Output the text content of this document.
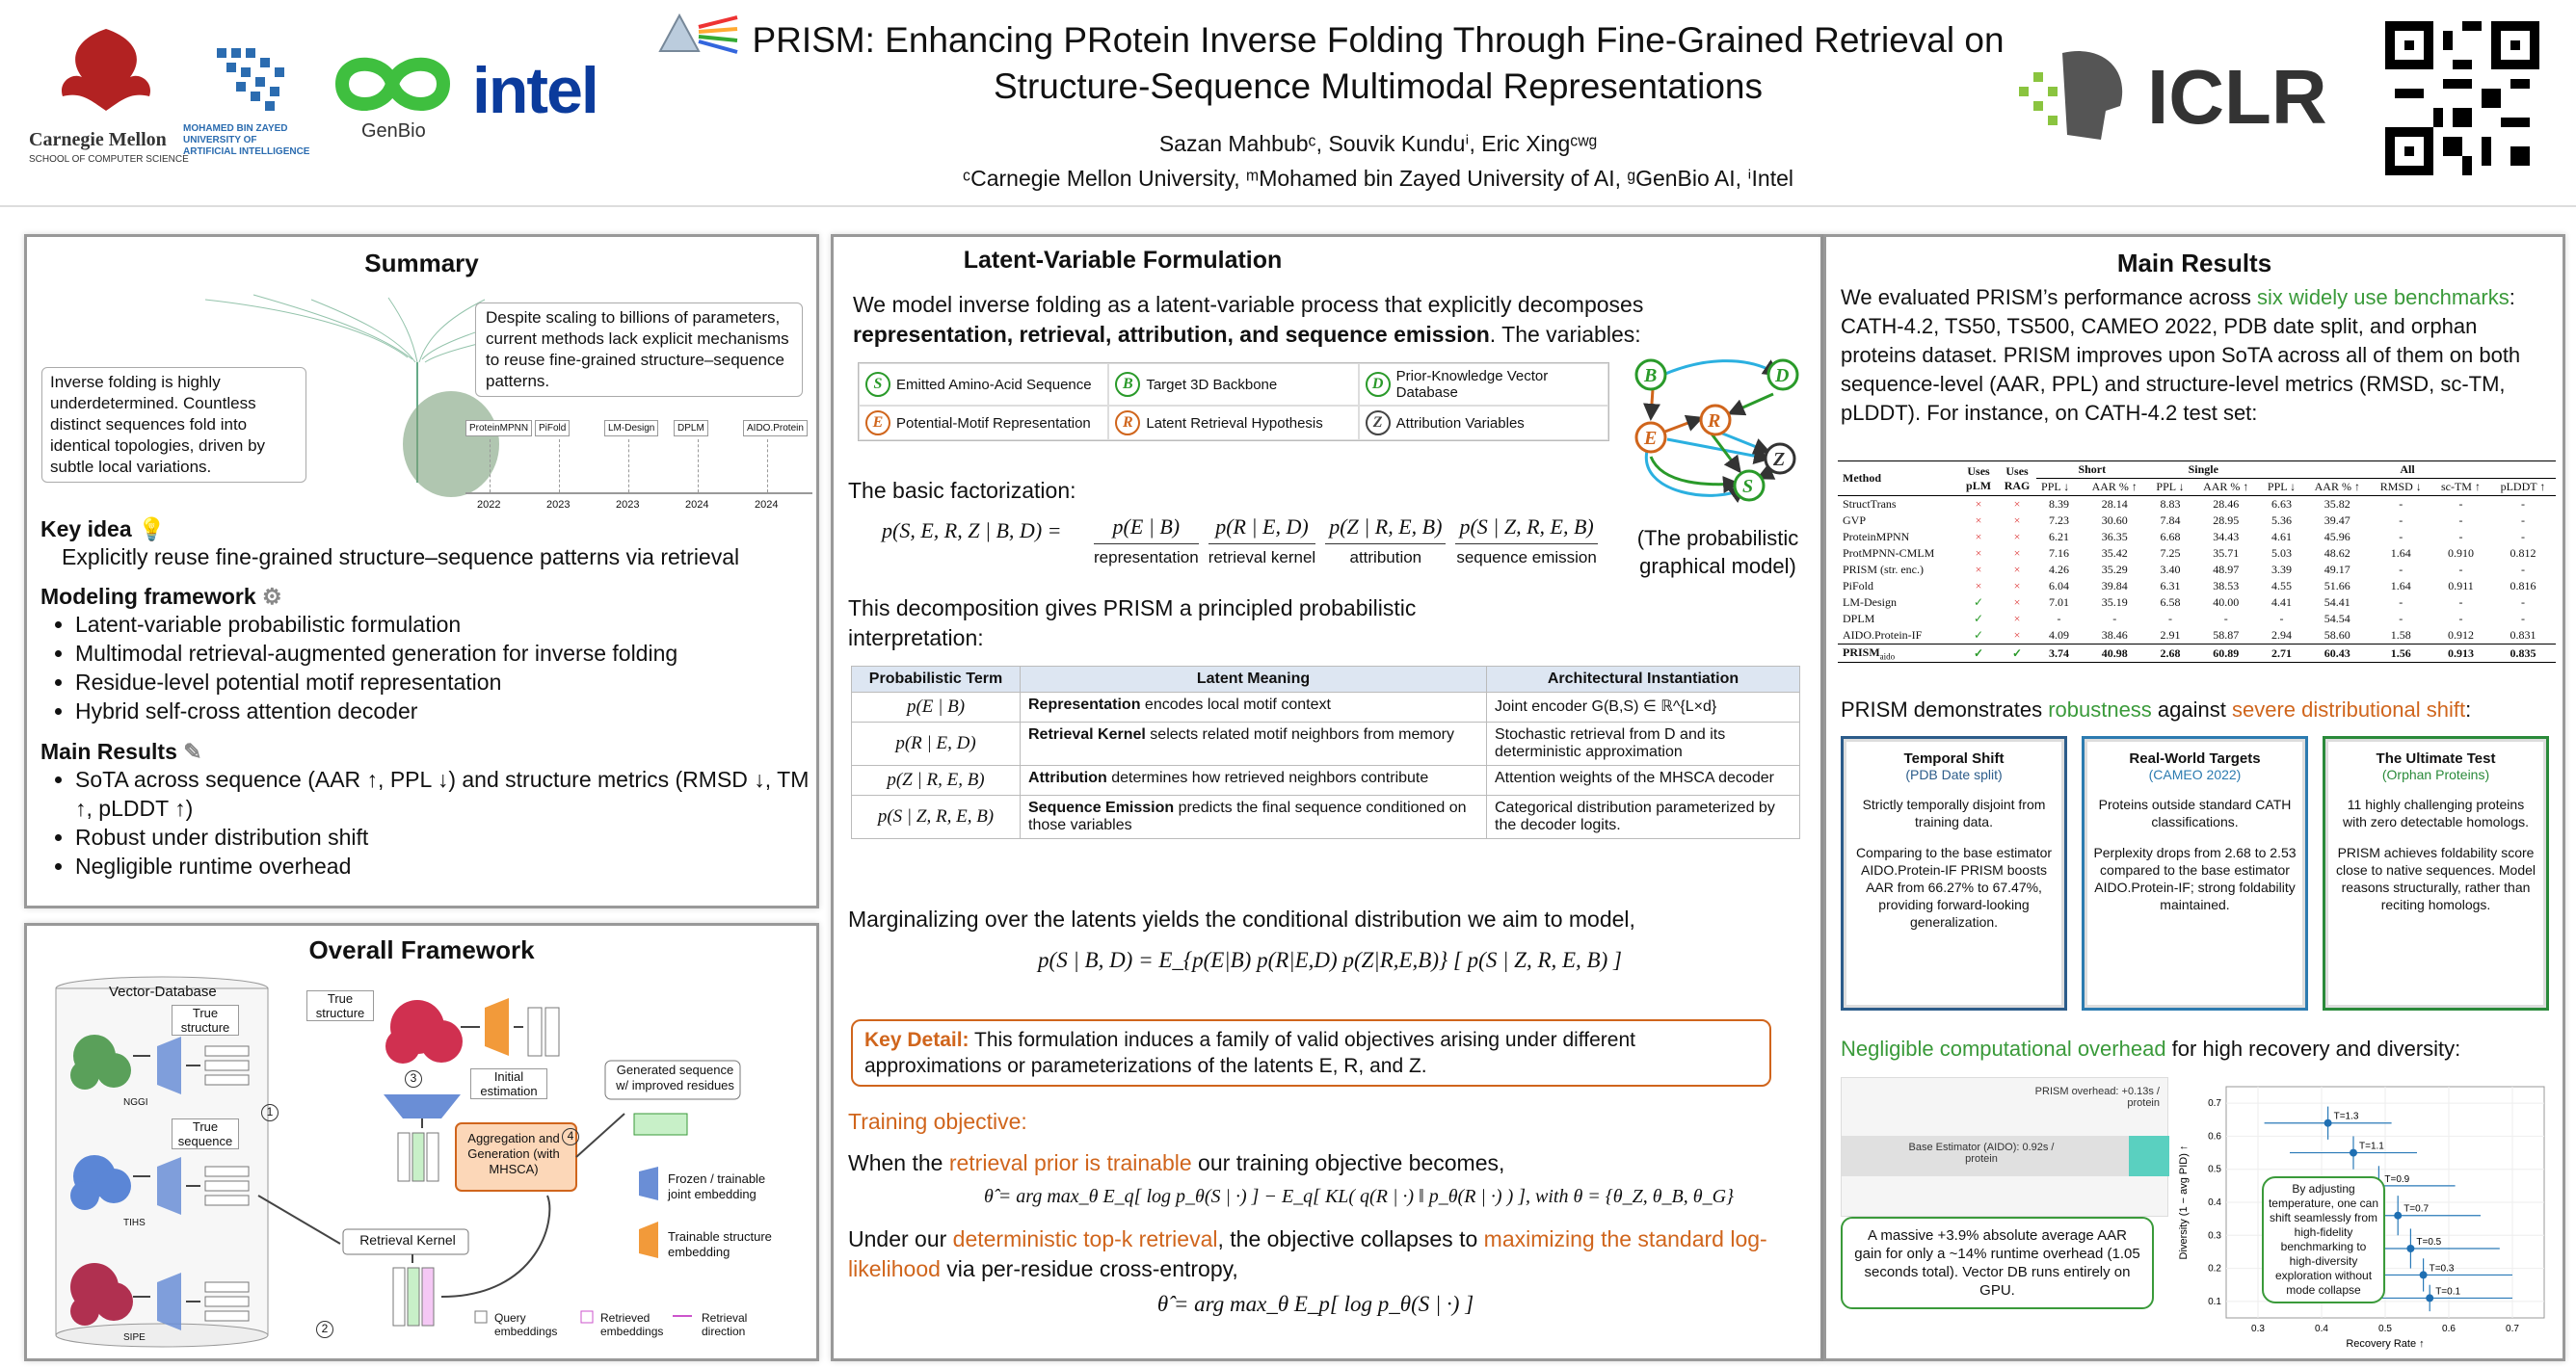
Carnegie Mellon
SCHOOL OF COMPUTER SCIENCE
MOHAMED BIN ZAYED
UNIVERSITY OF
ARTIFICIAL INTELLIGENCE
GenBio
intel
PRISM: Enhancing PRotein Inverse Folding Through Fine-Grained Retrieval on
Structure-Sequence Multimodal Representations
Sazan Mahbubᶜ, Souvik Kunduⁱ, Eric Xingᶜʷᵍ
ᶜCarnegie Mellon University, ᵐMohamed bin Zayed University of AI, ᵍGenBio AI, ⁱIntel
ICLR
Summary
Despite scaling to billions of parameters, current methods lack explicit mechanisms to reuse fine-grained structure–sequence patterns.
Inverse folding is highly underdetermined. Countless distinct sequences fold into identical topologies, driven by subtle local variations.
ProteinMPNN
2022
PiFold
2023
LM-Design
2023
DPLM
2024
AIDO.Protein
2024
Key idea 💡
Explicitly reuse fine-grained structure–sequence patterns via retrieval
Modeling framework ⚙
• Latent-variable probabilistic formulation
• Multimodal retrieval-augmented generation for inverse folding
• Residue-level potential motif representation
• Hybrid self-cross attention decoder
Main Results ✎
• SoTA across sequence (AAR ↑, PPL ↓) and structure metrics (RMSD ↓, TM ↑, pLDDT ↑)
• Robust under distribution shift
• Negligible runtime overhead
Overall Framework
Vector-Database
True structure
True sequence
True structure
NGGI
TIHS
SIPE
Initial estimation
Aggregation and Generation (with MHSCA)
Retrieval Kernel
Generated sequence w/ improved residues
Frozen / trainable joint embedding
Trainable structure embedding
Query embeddings
Retrieved embeddings
Retrieval direction
1
2
3
4
Latent-Variable Formulation
We model inverse folding as a latent-variable process that explicitly decomposes representation, retrieval, attribution, and sequence emission. The variables:
S Emitted Amino-Acid Sequence	B Target 3D Backbone	D Prior-Knowledge Vector Database
E Potential-Motif Representation	R Latent Retrieval Hypothesis	Z Attribution Variables
B	D
R
E
Z
S
(The probabilistic graphical model)
The basic factorization:
p(S, E, R, Z | B, D) =	p(E | B)
representation
p(R | E, D)
retrieval kernel
p(Z | R, E, B)
attribution
p(S | Z, R, E, B)
sequence emission
This decomposition gives PRISM a principled probabilistic interpretation:
Probabilistic Term	Latent Meaning	Architectural Instantiation
p(E | B)	Representation encodes local motif context	Joint encoder G(B,S) ∈ ℝ^{L×d}
p(R | E, D)	Retrieval Kernel selects related motif neighbors from memory	Stochastic retrieval from D and its deterministic approximation
p(Z | R, E, B)	Attribution determines how retrieved neighbors contribute	Attention weights of the MHSCA decoder
p(S | Z, R, E, B)	Sequence Emission predicts the final sequence conditioned on those variables	Categorical distribution parameterized by the decoder logits.
Marginalizing over the latents yields the conditional distribution we aim to model,
p(S | B, D) = E_{p(E|B) p(R|E,D) p(Z|R,E,B)} [ p(S | Z, R, E, B) ]
Key Detail: This formulation induces a family of valid objectives arising under different approximations or parameterizations of the latents E, R, and Z.
Training objective:
When the retrieval prior is trainable our training objective becomes,
θ̂ = arg max_θ E_q[ log p_θ(S | ·) ] − E_q[ KL( q(R | ·) ‖ p_θ(R | ·) ) ], with θ = {θ_Z, θ_B, θ_G}
Under our deterministic top-k retrieval, the objective collapses to maximizing the standard log-likelihood via per-residue cross-entropy,
θ̂ = arg max_θ E_p[ log p_θ(S | ·) ]
Main Results
We evaluated PRISM’s performance across six widely use benchmarks: CATH-4.2, TS50, TS500, CAMEO 2022, PDB date split, and orphan proteins dataset. PRISM improves upon SoTA across all of them on both sequence-level (AAR, PPL) and structure-level metrics (RMSD, sc-TM, pLDDT). For instance, on CATH-4.2 test set:
Method	Uses pLM	Uses RAG	Short		Single		All				
			PPL ↓	AAR % ↑	PPL ↓	AAR % ↑	PPL ↓	AAR % ↑	RMSD ↓	sc-TM ↑	pLDDT ↑
StructTrans	×	×	8.39	28.14	8.83	28.46	6.63	35.82	-	-	-
GVP	×	×	7.23	30.60	7.84	28.95	5.36	39.47	-	-	-
ProteinMPNN	×	×	6.21	36.35	6.68	34.43	4.61	45.96	-	-	-
ProtMPNN-CMLM	×	×	7.16	35.42	7.25	35.71	5.03	48.62	1.64	0.910	0.812
PRISM (str. enc.)	×	×	4.26	35.29	3.40	48.97	3.39	49.17	-	-	-
PiFold	×	×	6.04	39.84	6.31	38.53	4.55	51.66	1.64	0.911	0.816
LM-Design	✓	×	7.01	35.19	6.58	40.00	4.41	54.41	-	-	-
DPLM	✓	×	-	-	-	-	-	54.54	-	-	-
AIDO.Protein-IF	✓	×	4.09	38.46	2.91	58.87	2.94	58.60	1.58	0.912	0.831
$PRISM_{aido}$	✓	✓	3.74	40.98	2.68	60.89	2.71	60.43	1.56	0.913	0.835
PRISM demonstrates robustness against severe distributional shift:
Temporal Shift
(PDB Date split)
Strictly temporally disjoint from training data.
Comparing to the base estimator AIDO.Protein-IF PRISM boosts AAR from 66.27% to 67.47%, providing forward-looking generalization.
Real-World Targets
(CAMEO 2022)
Proteins outside standard CATH classifications.
Perplexity drops from 2.68 to 2.53 compared to the base estimator AIDO.Protein-IF; strong foldability maintained.
The Ultimate Test
(Orphan Proteins)
11 highly challenging proteins with zero detectable homologs.
PRISM achieves foldability score close to native sequences. Model reasons structurally, rather than reciting homologs.
Negligible computational overhead for high recovery and diversity:
PRISM overhead: +0.13s / protein
Base Estimator (AIDO): 0.92s / protein
A massive +3.9% absolute average AAR gain for only a ~14% runtime overhead (1.05 seconds total). Vector DB runs entirely on GPU.
0.3	0.4	0.5	0.6	0.7
0.1
0.2
0.3
0.4
0.5
0.6
0.7
Recovery Rate ↑
Diversity (1 − avg PID) ↑
T=1.3
T=1.1
T=0.9
T=0.7
T=0.5
T=0.3
T=0.1
By adjusting temperature, one can shift seamlessly from high-fidelity benchmarking to high-diversity exploration without mode collapse
